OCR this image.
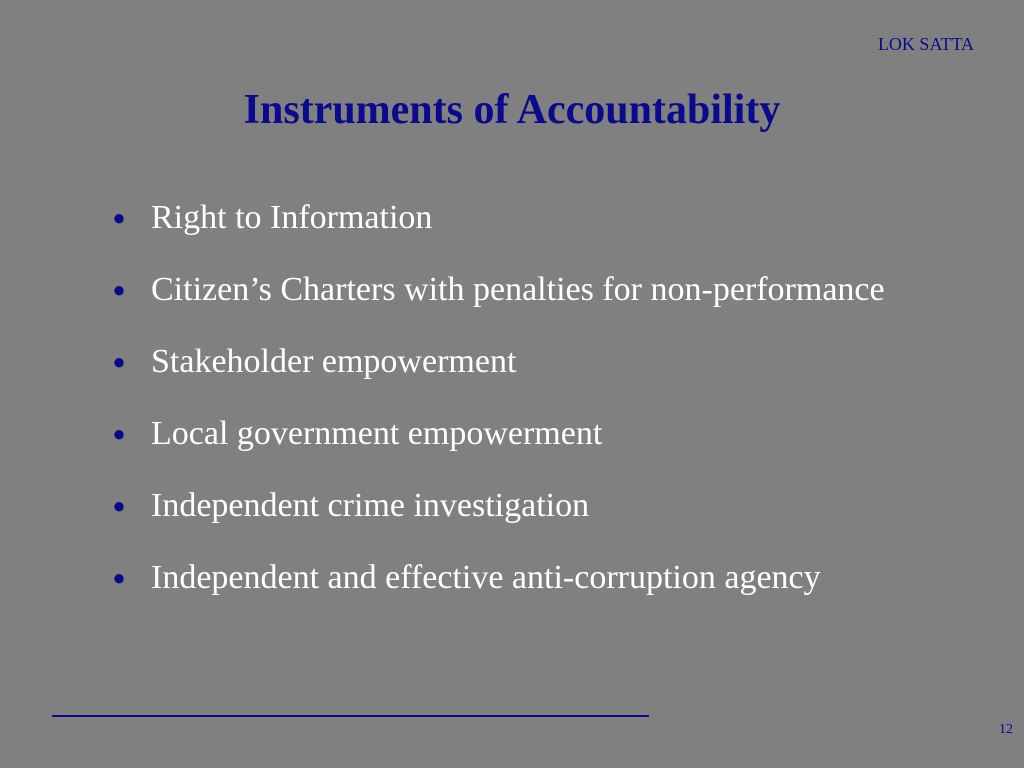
LOK SATTA
Instruments of Accountability
● Right to Information
● Citizen’s Charters with penalties for non-performance
● Stakeholder empowerment
● Local government empowerment
● Independent crime investigation
● Independent and effective anti-corruption agency
12
